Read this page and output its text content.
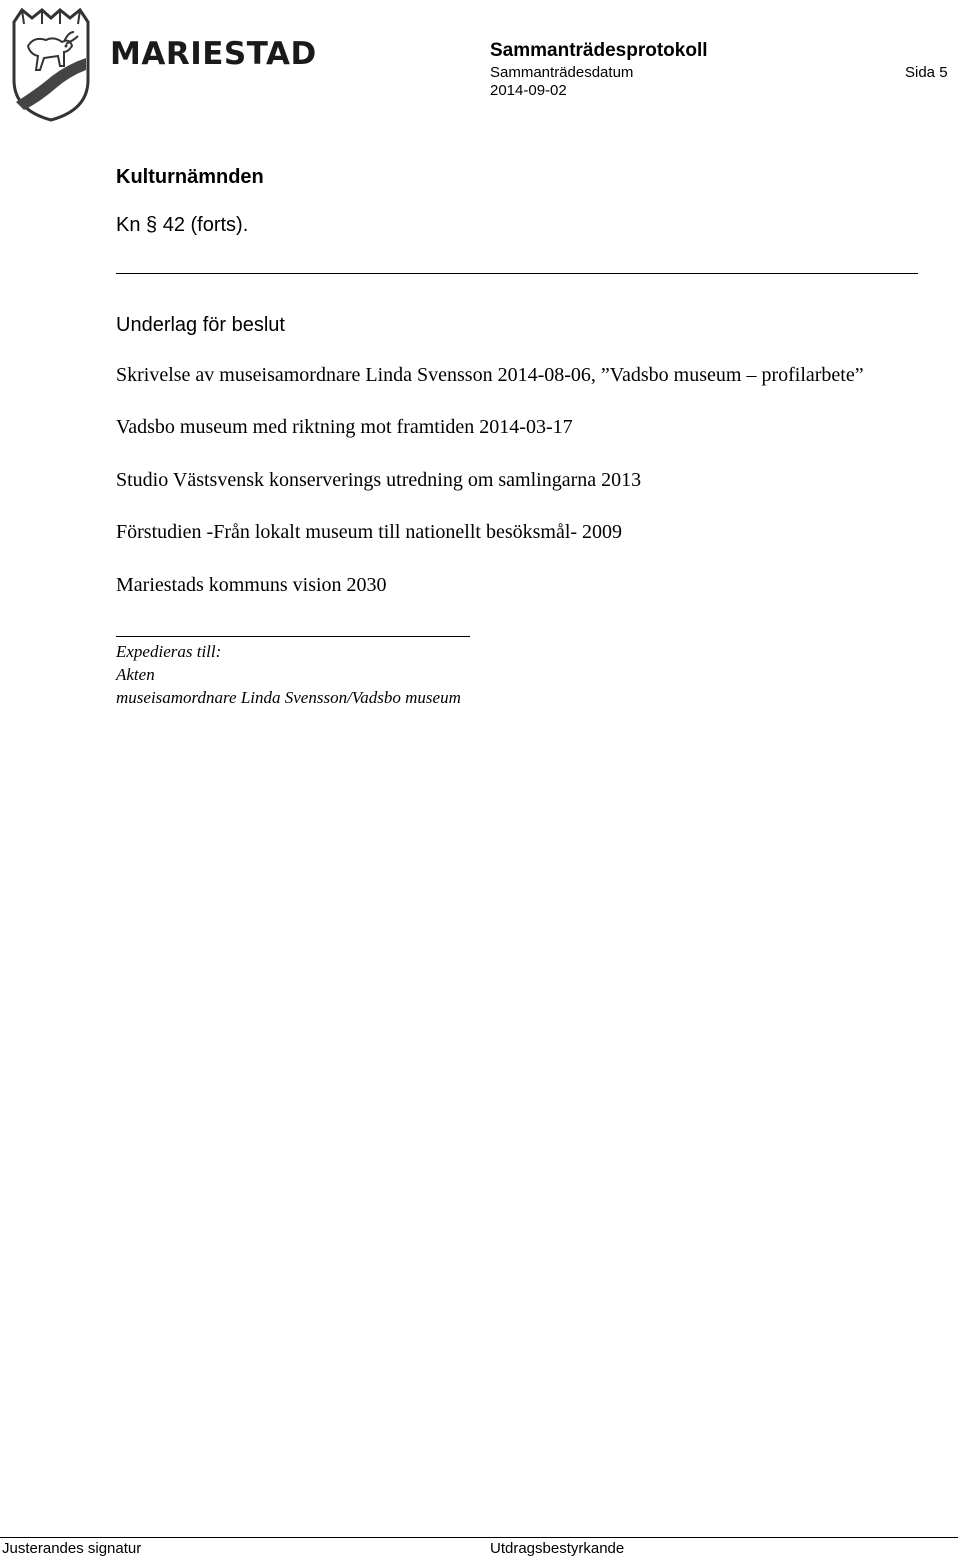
MARIESTAD	Sammanträdesprotokoll
Sammanträdesdatum	Sida 5
2014-09-02
Kulturnämnden
Kn § 42 (forts).
Underlag för beslut
Skrivelse av museisamordnare Linda Svensson 2014-08-06, ”Vadsbo museum – profilarbete”
Vadsbo museum med riktning mot framtiden 2014-03-17
Studio Västsvensk konserverings utredning om samlingarna 2013
Förstudien -Från lokalt museum till nationellt besöksmål- 2009
Mariestads kommuns vision 2030
Expedieras till:
Akten
museisamordnare Linda Svensson/Vadsbo museum
Justerandes signatur	Utdragsbestyrkande
